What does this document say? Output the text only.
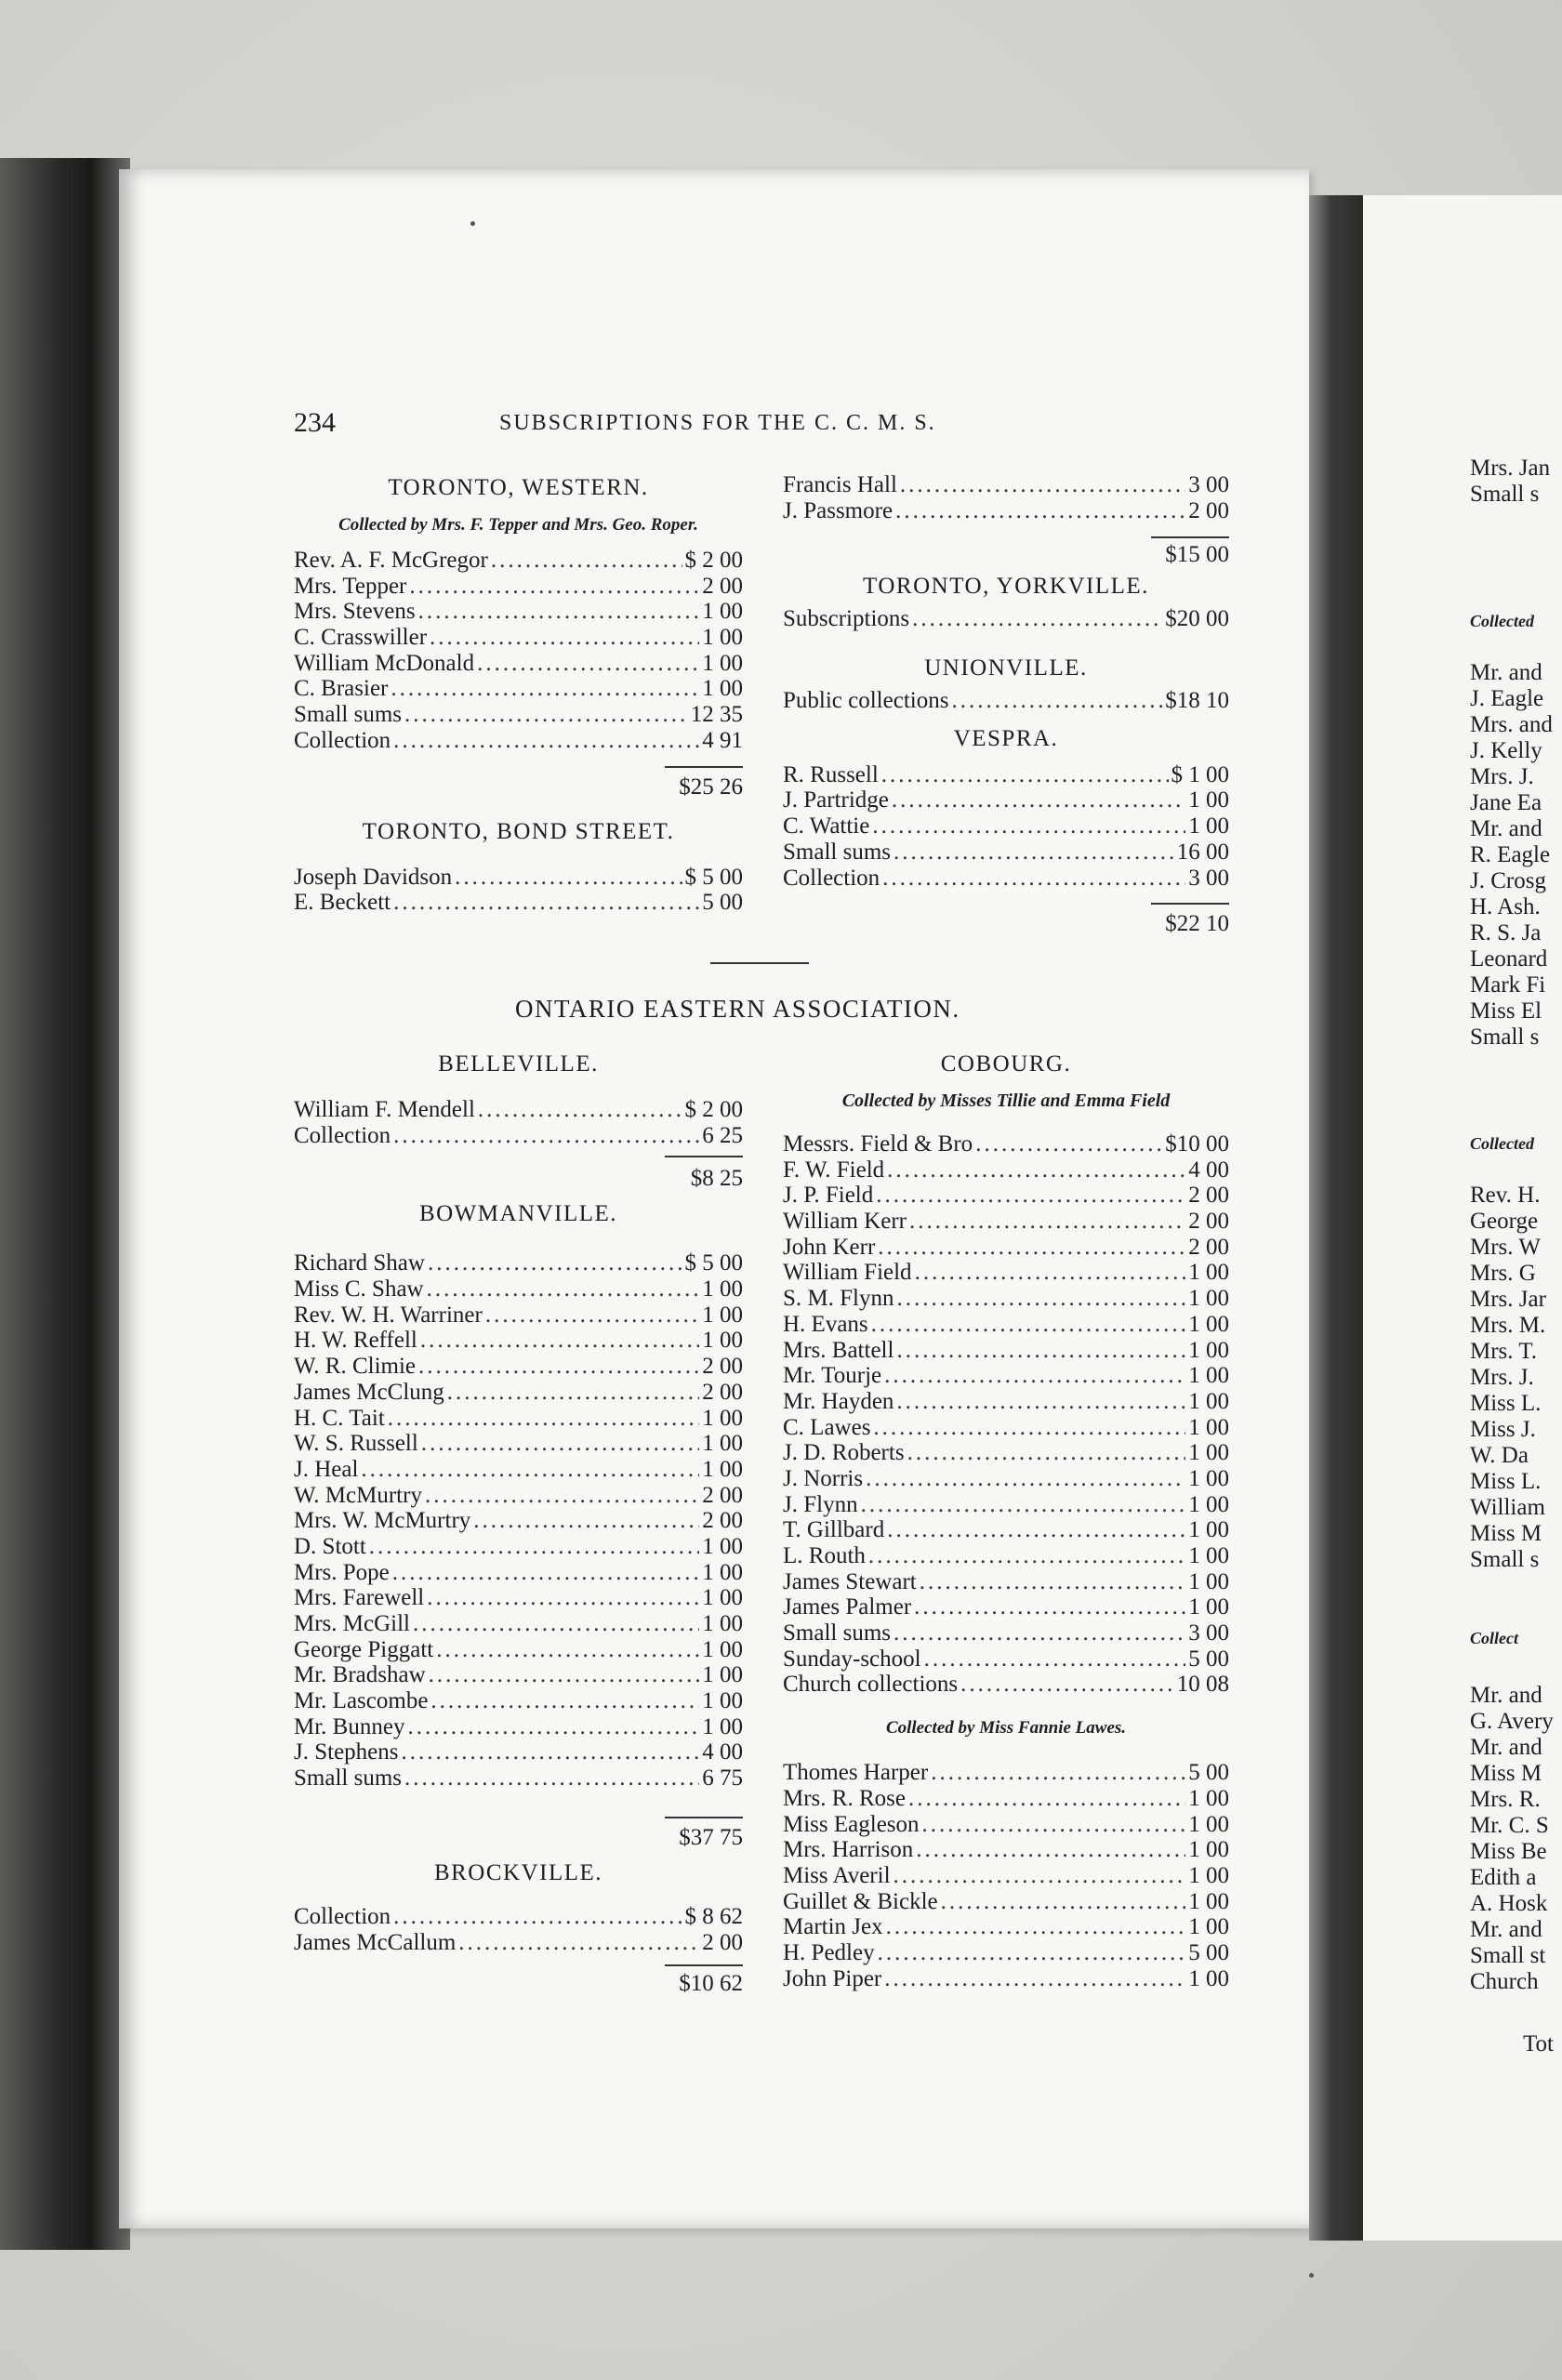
Mrs. Jan
Small s
Collected
Mr. and
J. Eagle
Mrs. and
J. Kelly
Mrs. J.
Jane Ea
Mr. and
R. Eagle
J. Crosg
H. Ash.
R. S. Ja
Leonard
Mark Fi
Miss El
Small s
Collected
Rev. H.
George
Mrs. W
Mrs. G
Mrs. Jar
Mrs. M.
Mrs. T.
Mrs. J.
Miss L.
Miss J.
W. Da
Miss L.
William
Miss M
Small s
Collect
Mr. and
G. Avery
Mr. and
Miss M
Mrs. R.
Mr. C. S
Miss Be
Edith a
A. Hosk
Mr. and
Small st
Church
Tot
234	SUBSCRIPTIONS FOR THE C. C. M. S.
TORONTO, WESTERN.
Collected by Mrs. F. Tepper and Mrs. Geo. Roper.
Rev. A. F. McGregor .....	$ 2 00
Mrs. Tepper .....	2 00
Mrs. Stevens .....	1 00
C. Crasswiller .....	1 00
William McDonald .....	1 00
C. Brasier .....	1 00
Small sums .....	12 35
Collection .....	4 91
$25 26
TORONTO, BOND STREET.
Joseph Davidson .....	$ 5 00
E. Beckett .....	5 00
Francis Hall .....	3 00
J. Passmore .....	2 00
$15 00
TORONTO, YORKVILLE.
Subscriptions .....	$20 00
UNIONVILLE.
Public collections .....	$18 10
VESPRA.
R. Russell .....	$ 1 00
J. Partridge .....	1 00
C. Wattie .....	1 00
Small sums .....	16 00
Collection .....	3 00
$22 10
ONTARIO EASTERN ASSOCIATION.
BELLEVILLE.
William F. Mendell .....	$ 2 00
Collection .....	6 25
$8 25
BOWMANVILLE.
Richard Shaw .....	$ 5 00
Miss C. Shaw .....	1 00
Rev. W. H. Warriner .....	1 00
H. W. Reffell .....	1 00
W. R. Climie .....	2 00
James McClung .....	2 00
H. C. Tait .....	1 00
W. S. Russell .....	1 00
J. Heal .....	1 00
W. McMurtry .....	2 00
Mrs. W. McMurtry .....	2 00
D. Stott .....	1 00
Mrs. Pope .....	1 00
Mrs. Farewell .....	1 00
Mrs. McGill .....	1 00
George Piggatt .....	1 00
Mr. Bradshaw .....	1 00
Mr. Lascombe .....	1 00
Mr. Bunney .....	1 00
J. Stephens .....	4 00
Small sums .....	6 75
$37 75
BROCKVILLE.
Collection .....	$ 8 62
James McCallum .....	2 00
$10 62
COBOURG.
Collected by Misses Tillie and Emma Field
Messrs. Field & Bro .....	$10 00
F. W. Field .....	4 00
J. P. Field .....	2 00
William Kerr .....	2 00
John Kerr .....	2 00
William Field .....	1 00
S. M. Flynn .....	1 00
H. Evans .....	1 00
Mrs. Battell .....	1 00
Mr. Tourje .....	1 00
Mr. Hayden .....	1 00
C. Lawes .....	1 00
J. D. Roberts .....	1 00
J. Norris .....	1 00
J. Flynn .....	1 00
T. Gillbard .....	1 00
L. Routh .....	1 00
James Stewart .....	1 00
James Palmer .....	1 00
Small sums .....	3 00
Sunday-school .....	5 00
Church collections .....	10 08
Collected by Miss Fannie Lawes.
Thomes Harper .....	5 00
Mrs. R. Rose .....	1 00
Miss Eagleson .....	1 00
Mrs. Harrison .....	1 00
Miss Averil .....	1 00
Guillet & Bickle .....	1 00
Martin Jex .....	1 00
H. Pedley .....	5 00
John Piper .....	1 00
